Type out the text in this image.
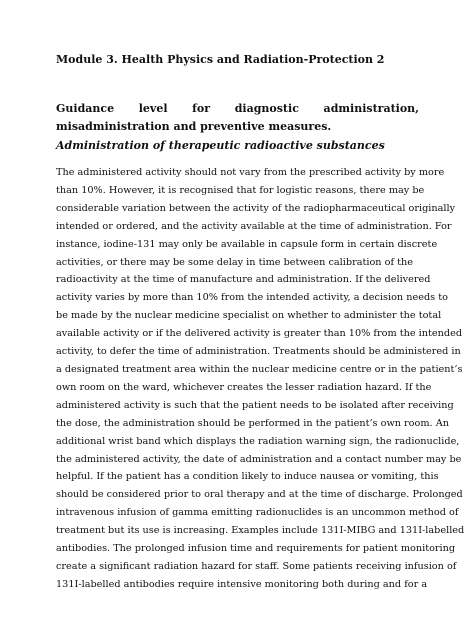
Module 3. Health Physics and Radiation-Protection 2
Guidance level for diagnostic administration, misadministration and preventive measures.
Administration of therapeutic radioactive substances
The administered activity should not vary from the prescribed activity by more
than 10%. However, it is recognised that for logistic reasons, there may be
considerable variation between the activity of the radiopharmaceutical originally
intended or ordered, and the activity available at the time of administration. For
instance, iodine-131 may only be available in capsule form in certain discrete
activities, or there may be some delay in time between calibration of the
radioactivity at the time of manufacture and administration. If the delivered
activity varies by more than 10% from the intended activity, a decision needs to
be made by the nuclear medicine specialist on whether to administer the total
available activity or if the delivered activity is greater than 10% from the intended
activity, to defer the time of administration. Treatments should be administered in
a designated treatment area within the nuclear medicine centre or in the patient’s
own room on the ward, whichever creates the lesser radiation hazard. If the
administered activity is such that the patient needs to be isolated after receiving
the dose, the administration should be performed in the patient’s own room. An
additional wrist band which displays the radiation warning sign, the radionuclide,
the administered activity, the date of administration and a contact number may be
helpful. If the patient has a condition likely to induce nausea or vomiting, this
should be considered prior to oral therapy and at the time of discharge. Prolonged
intravenous infusion of gamma emitting radionuclides is an uncommon method of
treatment but its use is increasing. Examples include 131I-MIBG and 131I-labelled
antibodies. The prolonged infusion time and requirements for patient monitoring
create a significant radiation hazard for staff. Some patients receiving infusion of
131I-labelled antibodies require intensive monitoring both during and for a
